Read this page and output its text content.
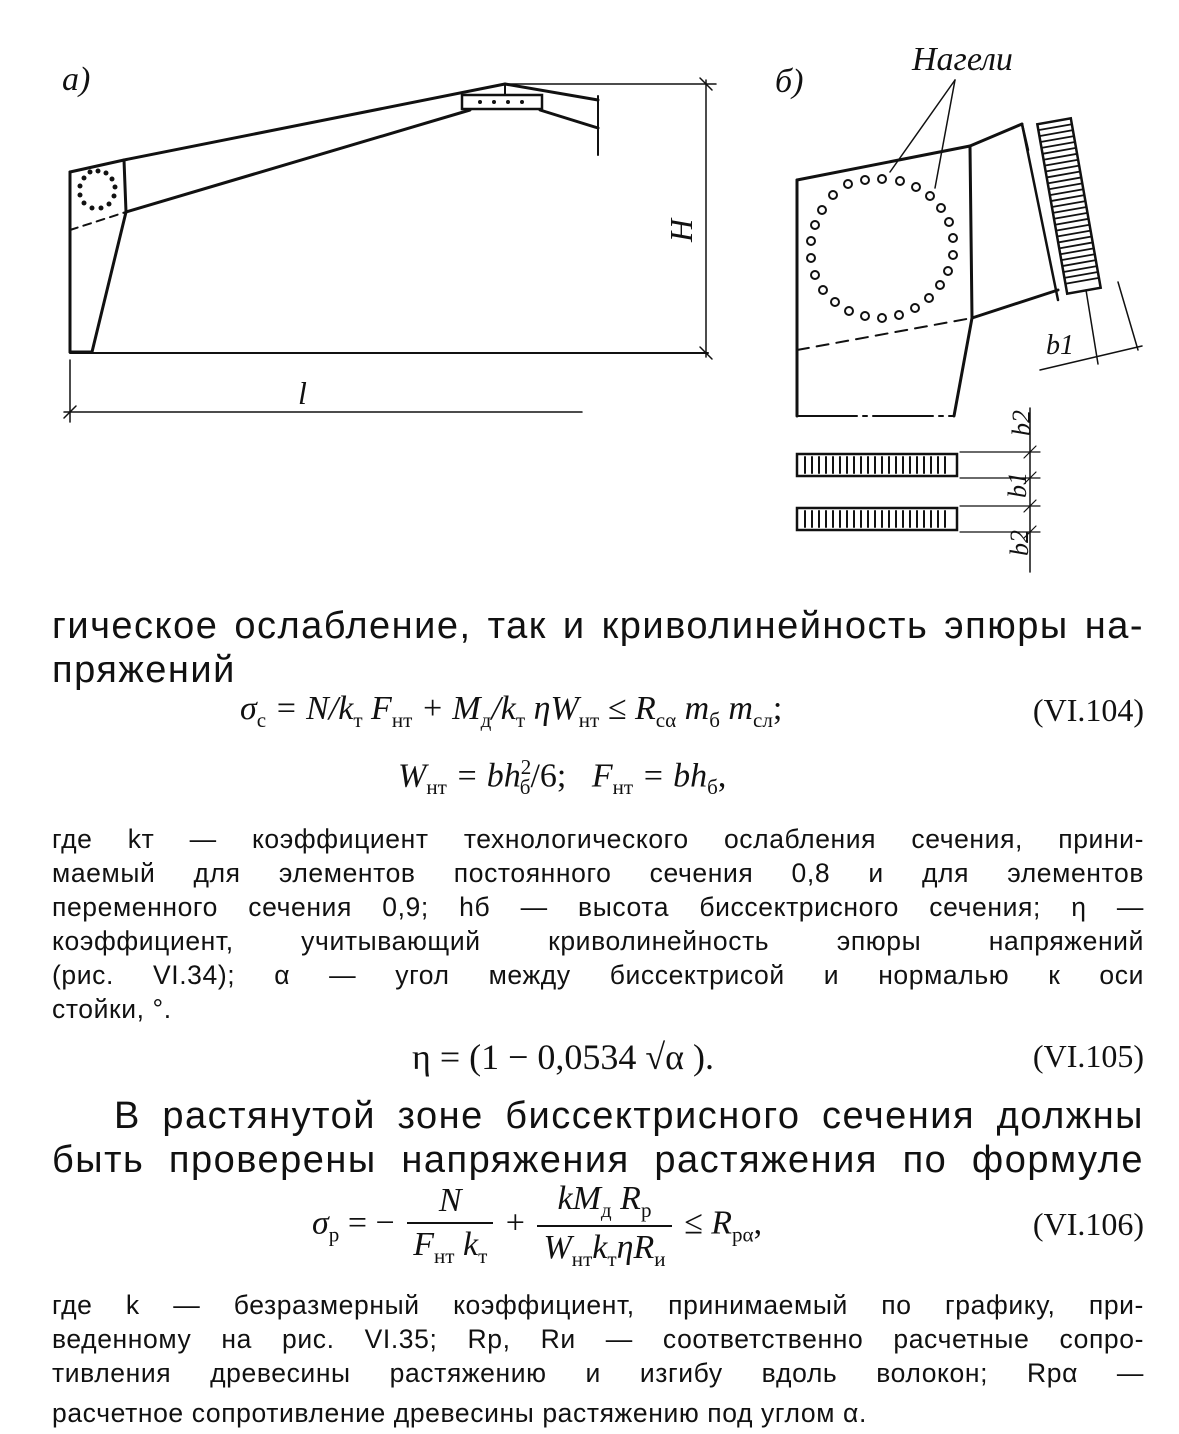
а)	б)
Нагели
H
l
b1
b2
b1
b2
гическое ослабление, так и криволинейность эпюры на-
пряжений
$\sigma_с = N/k_т$ $F_{нт} + M_д/k_т$ $\eta W_{нт} \le R_{c\alpha}$ $m_б$ $m_{сл}$;	(VI.104)
$W_{нт} = bh^2_б/6$; $F_{нт} = bh_б$,
где kт — коэффициент технологического ослабления сечения, прини-
маемый для элементов постоянного сечения 0,8 и для элементов
переменного сечения 0,9; hб — высота биссектрисного сечения; η —
коэффициент, учитывающий криволинейность эпюры напряжений
(рис. VI.34); α — угол между биссектрисой и нормалью к оси
стойки, °.
η = (1 − 0,0534 √α ).	(VI.105)
В растянутой зоне биссектрисного сечения должны
быть проверены напряжения растяжения по формуле
$\sigma_р$ = − $\frac{N}{F_{нт} k_т} + \frac{kM_д R_р}{W_{нт}k_т\eta R_и} \le R_{р\alpha}$,	(VI.106)
где k — безразмерный коэффициент, принимаемый по графику, при-
веденному на рис. VI.35; Rр, Rи — соответственно расчетные сопро-
тивления древесины растяжению и изгибу вдоль волокон; Rрα —
расчетное сопротивление древесины растяжению под углом α.
